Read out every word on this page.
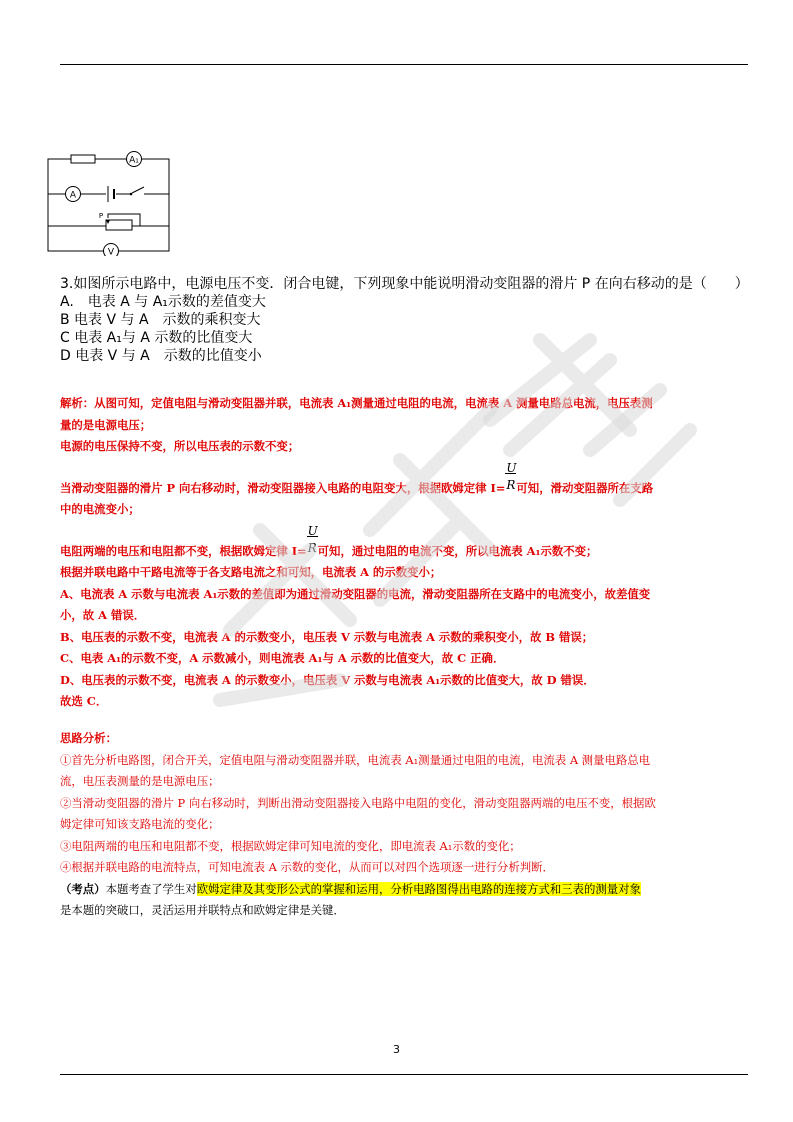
A₁
A
V
P
3.如图所示电路中，电源电压不变．闭合电键，下列现象中能说明滑动变阻器的滑片 P 在向右移动的是（　　）
A.　电表 A 与 A₁示数的差值变大
B 电表 V 与 A　示数的乘积变大
C 电表 A₁与 A 示数的比值变大
D 电表 V 与 A　示数的比值变小
解析：从图可知，定值电阻与滑动变阻器并联，电流表 A₁测量通过电阻的电流，电流表 A 测量电路总电流，电压表测
量的是电源电压；
电源的电压保持不变，所以电压表的示数不变；
当滑动变阻器的滑片 P 向右移动时，滑动变阻器接入电路的电阻变大，根据欧姆定律 $I= \frac{U}{R}$ 可知，滑动变阻器所在支路
中的电流变小；
电阻两端的电压和电阻都不变，根据欧姆定律 $I= \frac{U}{R}$ 可知，通过电阻的电流不变，所以电流表 A₁示数不变；
根据并联电路中干路电流等于各支路电流之和可知，电流表 A 的示数变小；
A、电流表 A 示数与电流表 A₁示数的差值即为通过滑动变阻器的电流，滑动变阻器所在支路中的电流变小，故差值变
小，故 A 错误．
B、电压表的示数不变，电流表 A 的示数变小，电压表 V 示数与电流表 A 示数的乘积变小，故 B 错误；
C、电表 A₁的示数不变，A 示数减小，则电流表 A₁与 A 示数的比值变大，故 C 正确．
D、电压表的示数不变，电流表 A 的示数变小，电压表 V 示数与电流表 A₁示数的比值变大，故 D 错误．
故选 C．
思路分析：
①首先分析电路图，闭合开关，定值电阻与滑动变阻器并联，电流表 A₁测量通过电阻的电流，电流表 A 测量电路总电
流，电压表测量的是电源电压；
②当滑动变阻器的滑片 P 向右移动时，判断出滑动变阻器接入电路中电阻的变化，滑动变阻器两端的电压不变，根据欧
姆定律可知该支路电流的变化；
③电阻两端的电压和电阻都不变，根据欧姆定律可知电流的变化，即电流表 A₁示数的变化；
④根据并联电路的电流特点，可知电流表 A 示数的变化，从而可以对四个选项逐一进行分析判断．
（考点）本题考查了学生对欧姆定律及其变形公式的掌握和运用，分析电路图得出电路的连接方式和三表的测量对象
是本题的突破口，灵活运用并联特点和欧姆定律是关键．
3
